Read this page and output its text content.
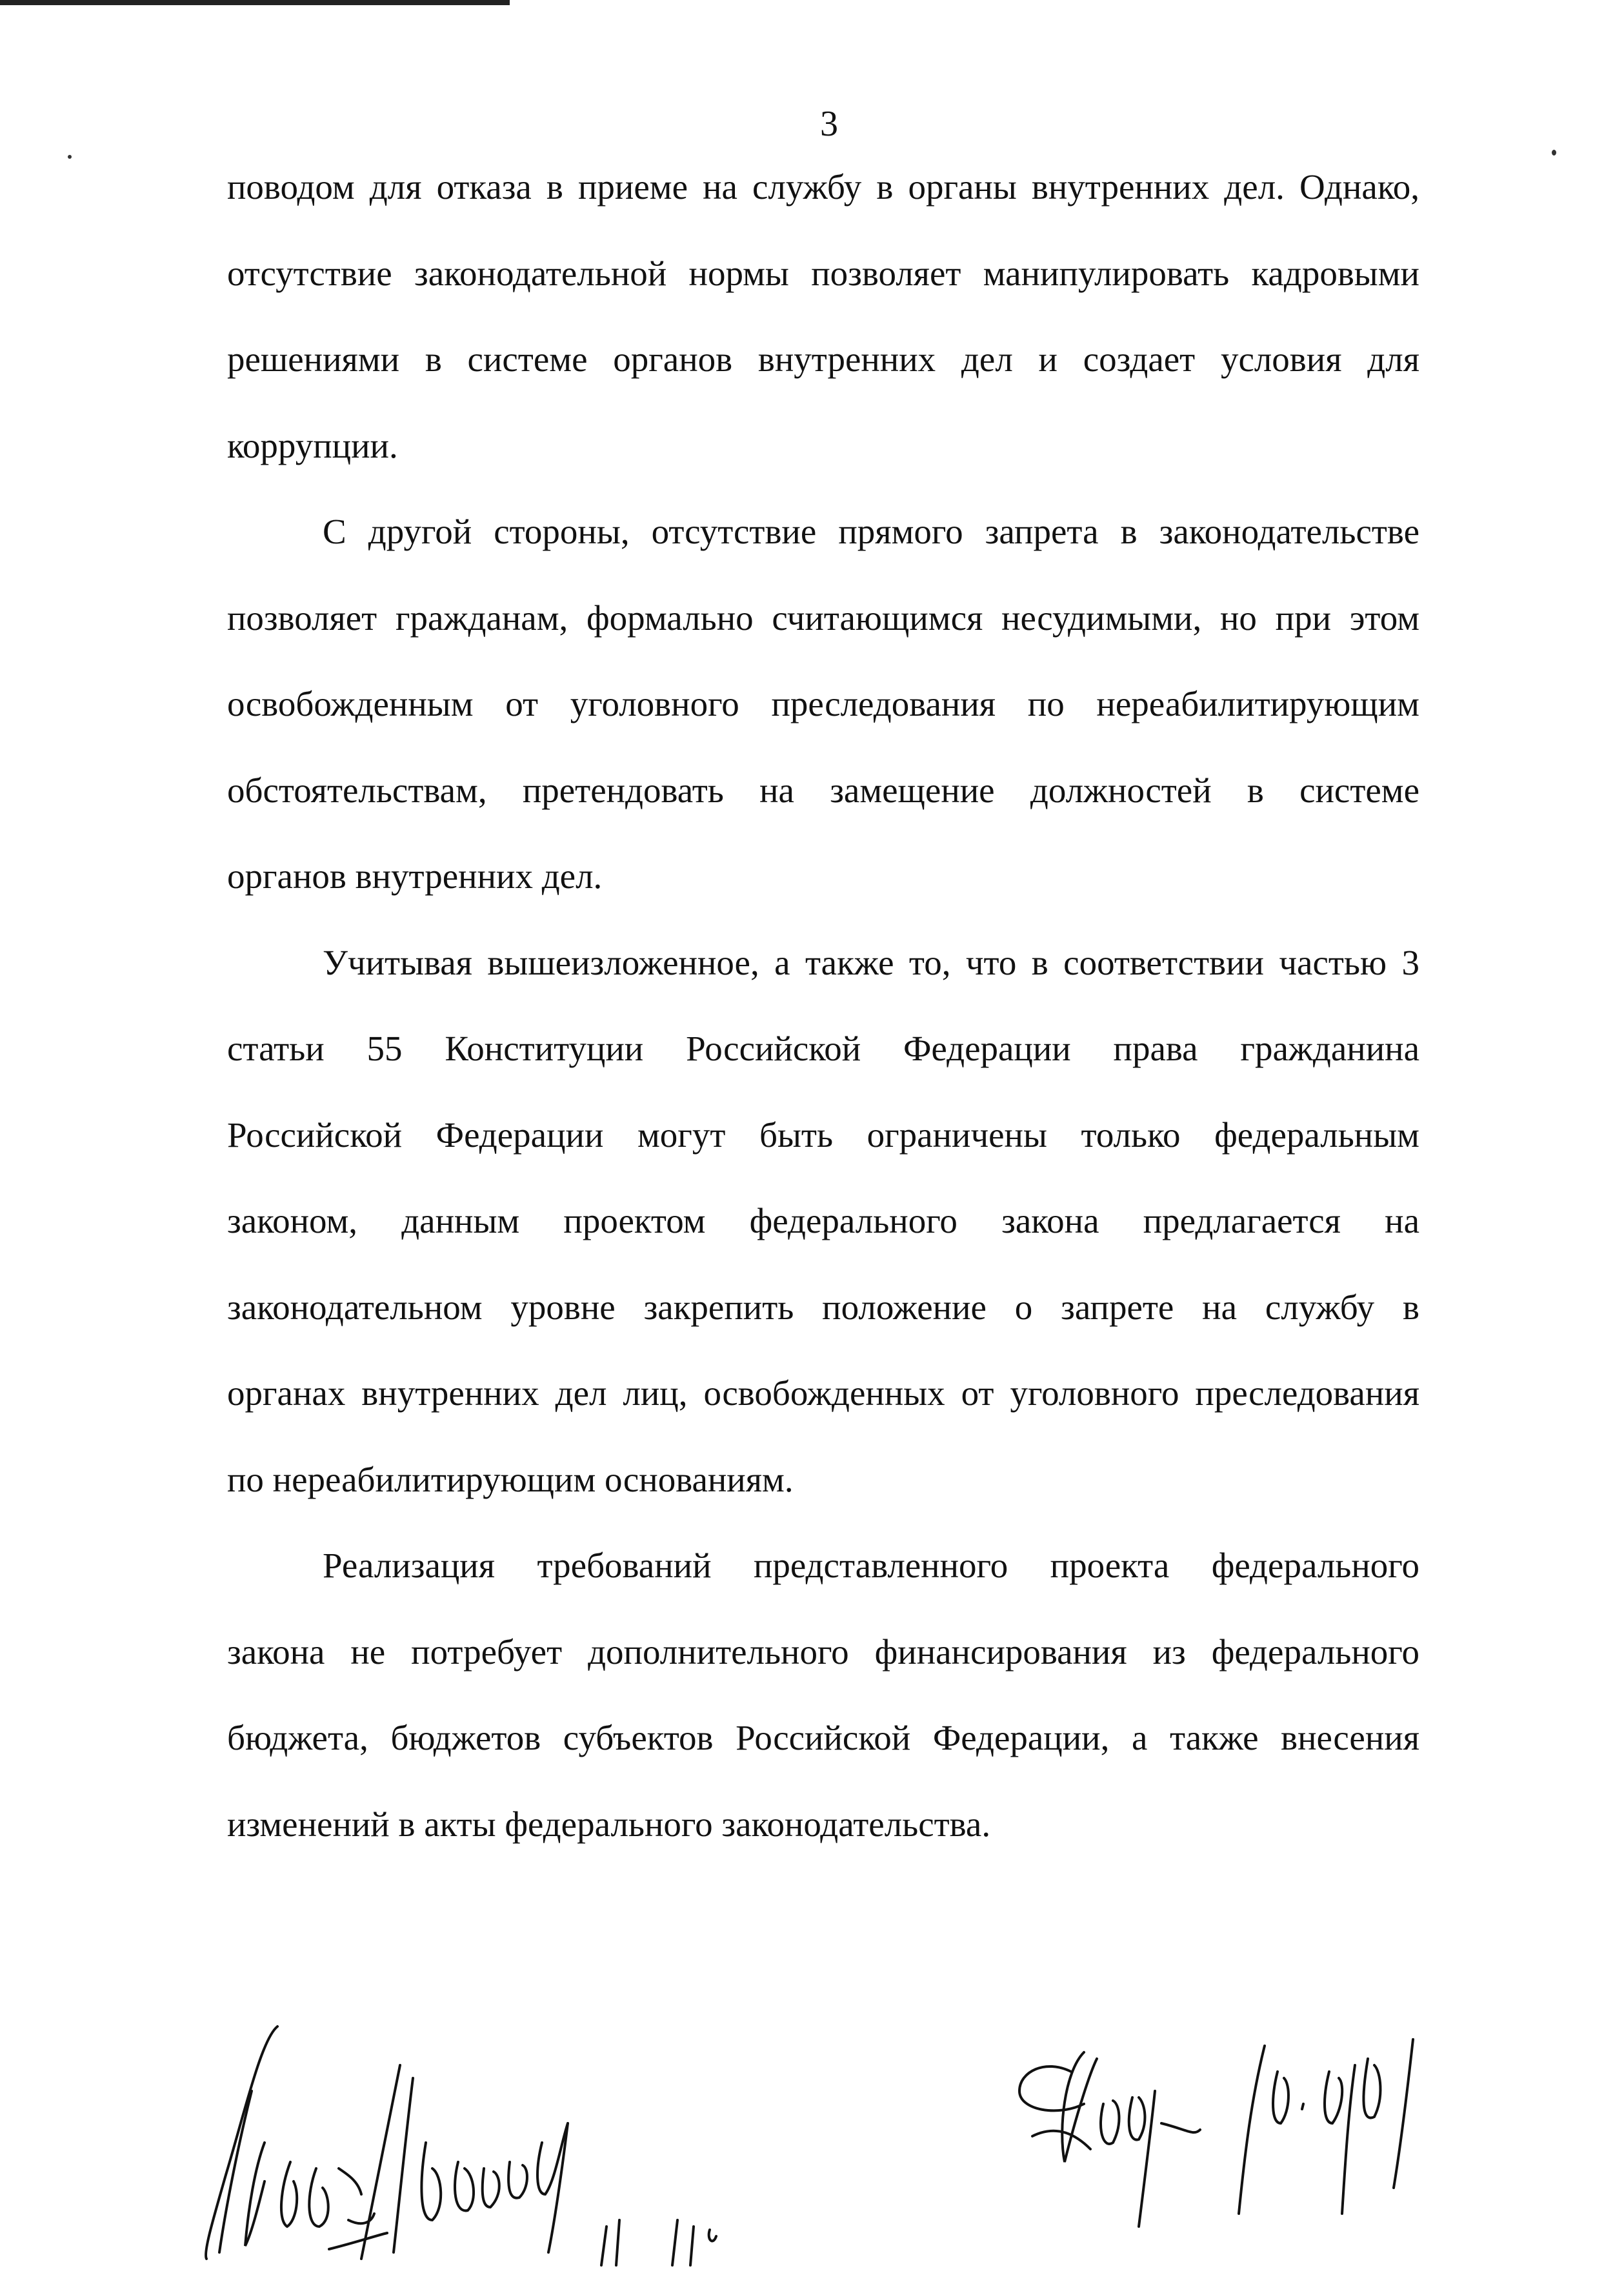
3
поводом для отказа в приеме на службу в органы внутренних дел. Однако,
отсутствие законодательной нормы позволяет манипулировать кадровыми
решениями в системе органов внутренних дел и создает условия для
коррупции.
С другой стороны, отсутствие прямого запрета в законодательстве
позволяет гражданам, формально считающимся несудимыми, но при этом
освобожденным от уголовного преследования по нереабилитирующим
обстоятельствам, претендовать на замещение должностей в системе
органов внутренних дел.
Учитывая вышеизложенное, а также то, что в соответствии частью 3
статьи 55 Конституции Российской Федерации права гражданина
Российской Федерации могут быть ограничены только федеральным
законом, данным проектом федерального закона предлагается на
законодательном уровне закрепить положение о запрете на службу в
органах внутренних дел лиц, освобожденных от уголовного преследования
по нереабилитирующим основаниям.
Реализация требований представленного проекта федерального
закона не потребует дополнительного финансирования из федерального
бюджета, бюджетов субъектов Российской Федерации, а также внесения
изменений в акты федерального законодательства.
